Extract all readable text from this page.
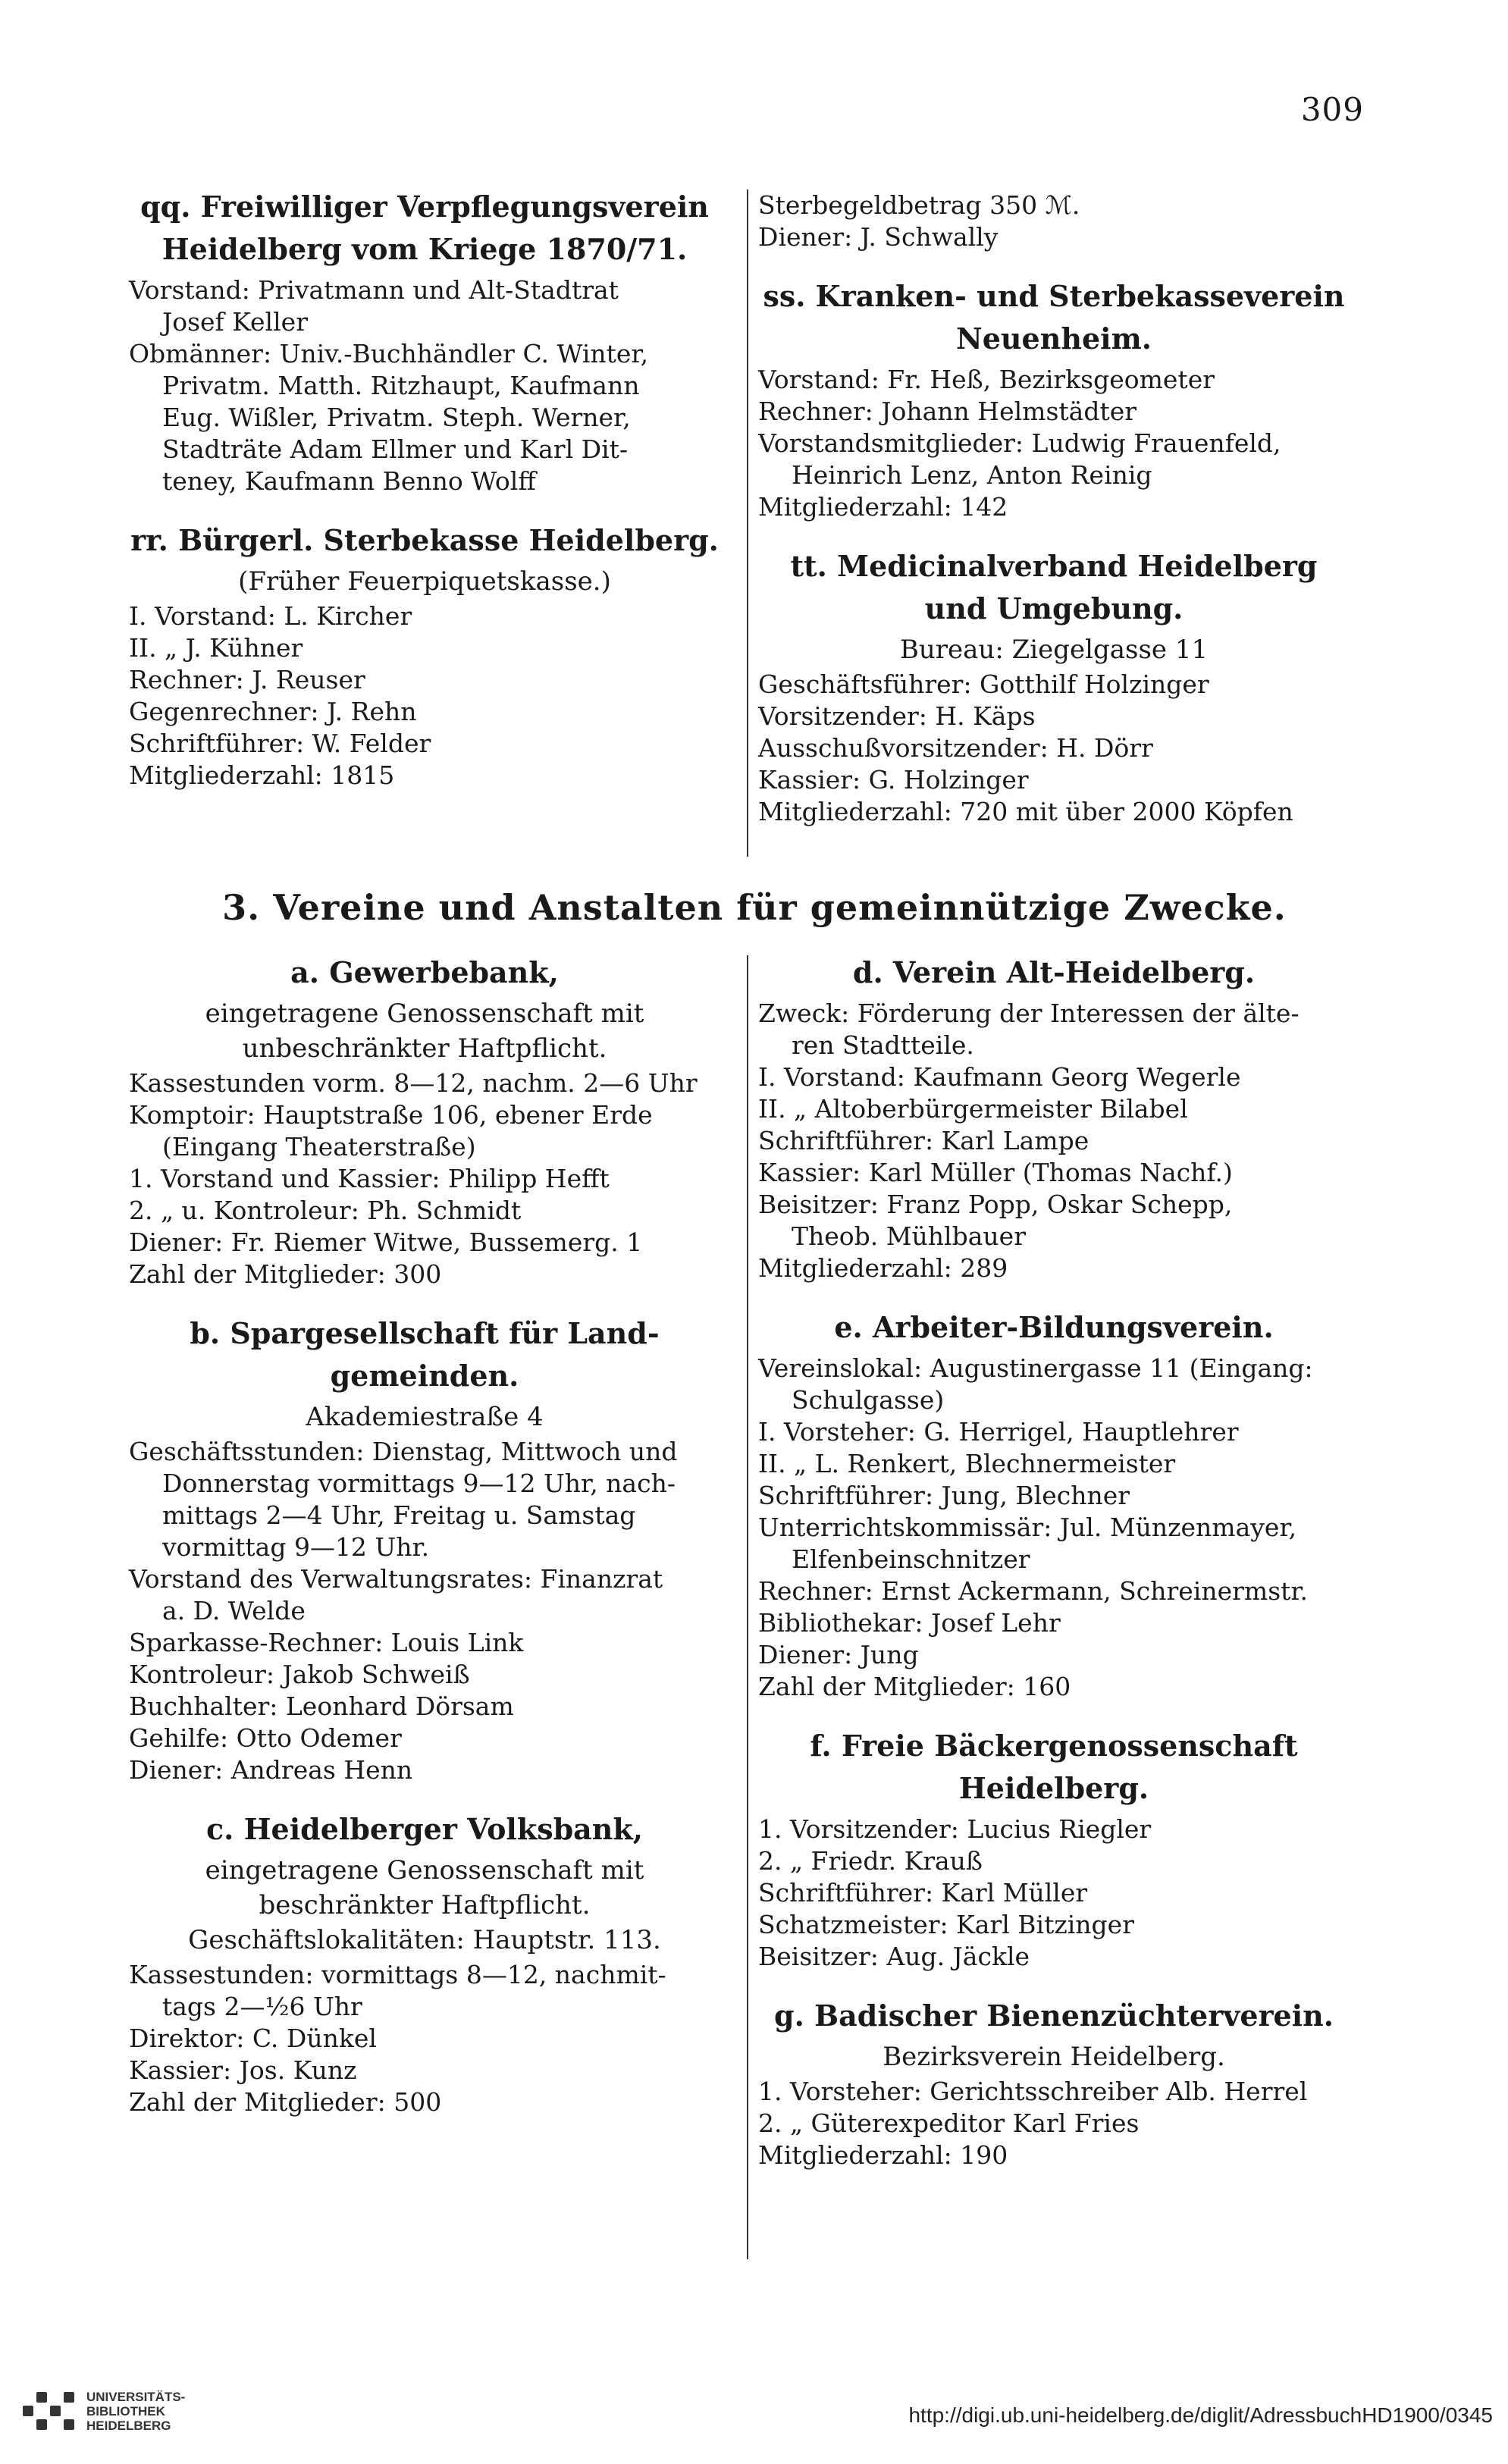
309
qq. Freiwilliger Verpflegungsverein
Heidelberg vom Kriege 1870/71.
Vorstand: Privatmann und Alt-Stadtrat
Josef Keller
Obmänner: Univ.-Buchhändler C. Winter,
Privatm. Matth. Ritzhaupt, Kaufmann
Eug. Wißler, Privatm. Steph. Werner,
Stadträte Adam Ellmer und Karl Dit-
teney, Kaufmann Benno Wolff
rr. Bürgerl. Sterbekasse Heidelberg.
(Früher Feuerpiquetskasse.)
I. Vorstand: L. Kircher
II. „ J. Kühner
Rechner: J. Reuser
Gegenrechner: J. Rehn
Schriftführer: W. Felder
Mitgliederzahl: 1815
Sterbegeldbetrag 350 ℳ.
Diener: J. Schwally
ss. Kranken- und Sterbekasseverein
Neuenheim.
Vorstand: Fr. Heß, Bezirksgeometer
Rechner: Johann Helmstädter
Vorstandsmitglieder: Ludwig Frauenfeld,
Heinrich Lenz, Anton Reinig
Mitgliederzahl: 142
tt. Medicinalverband Heidelberg
und Umgebung.
Bureau: Ziegelgasse 11
Geschäftsführer: Gotthilf Holzinger
Vorsitzender: H. Käps
Ausschußvorsitzender: H. Dörr
Kassier: G. Holzinger
Mitgliederzahl: 720 mit über 2000 Köpfen
3. Vereine und Anstalten für gemeinnützige Zwecke.
a. Gewerbebank,
eingetragene Genossenschaft mit
unbeschränkter Haftpflicht.
Kassestunden vorm. 8—12, nachm. 2—6 Uhr
Komptoir: Hauptstraße 106, ebener Erde
(Eingang Theaterstraße)
1. Vorstand und Kassier: Philipp Hefft
2. „ u. Kontroleur: Ph. Schmidt
Diener: Fr. Riemer Witwe, Bussemerg. 1
Zahl der Mitglieder: 300
b. Spargesellschaft für Land-
gemeinden.
Akademiestraße 4
Geschäftsstunden: Dienstag, Mittwoch und
Donnerstag vormittags 9—12 Uhr, nach-
mittags 2—4 Uhr, Freitag u. Samstag
vormittag 9—12 Uhr.
Vorstand des Verwaltungsrates: Finanzrat
a. D. Welde
Sparkasse-Rechner: Louis Link
Kontroleur: Jakob Schweiß
Buchhalter: Leonhard Dörsam
Gehilfe: Otto Odemer
Diener: Andreas Henn
c. Heidelberger Volksbank,
eingetragene Genossenschaft mit
beschränkter Haftpflicht.
Geschäftslokalitäten: Hauptstr. 113.
Kassestunden: vormittags 8—12, nachmit-
tags 2—½6 Uhr
Direktor: C. Dünkel
Kassier: Jos. Kunz
Zahl der Mitglieder: 500
d. Verein Alt-Heidelberg.
Zweck: Förderung der Interessen der älte-
ren Stadtteile.
I. Vorstand: Kaufmann Georg Wegerle
II. „ Altoberbürgermeister Bilabel
Schriftführer: Karl Lampe
Kassier: Karl Müller (Thomas Nachf.)
Beisitzer: Franz Popp, Oskar Schepp,
Theob. Mühlbauer
Mitgliederzahl: 289
e. Arbeiter-Bildungsverein.
Vereinslokal: Augustinergasse 11 (Eingang:
Schulgasse)
I. Vorsteher: G. Herrigel, Hauptlehrer
II. „ L. Renkert, Blechnermeister
Schriftführer: Jung, Blechner
Unterrichtskommissär: Jul. Münzenmayer,
Elfenbeinschnitzer
Rechner: Ernst Ackermann, Schreinermstr.
Bibliothekar: Josef Lehr
Diener: Jung
Zahl der Mitglieder: 160
f. Freie Bäckergenossenschaft
Heidelberg.
1. Vorsitzender: Lucius Riegler
2. „ Friedr. Krauß
Schriftführer: Karl Müller
Schatzmeister: Karl Bitzinger
Beisitzer: Aug. Jäckle
g. Badischer Bienenzüchterverein.
Bezirksverein Heidelberg.
1. Vorsteher: Gerichtsschreiber Alb. Herrel
2. „ Güterexpeditor Karl Fries
Mitgliederzahl: 190
UNIVERSITÄTS-
BIBLIOTHEK
HEIDELBERG	http://digi.ub.uni-heidelberg.de/diglit/AdressbuchHD1900/0345
